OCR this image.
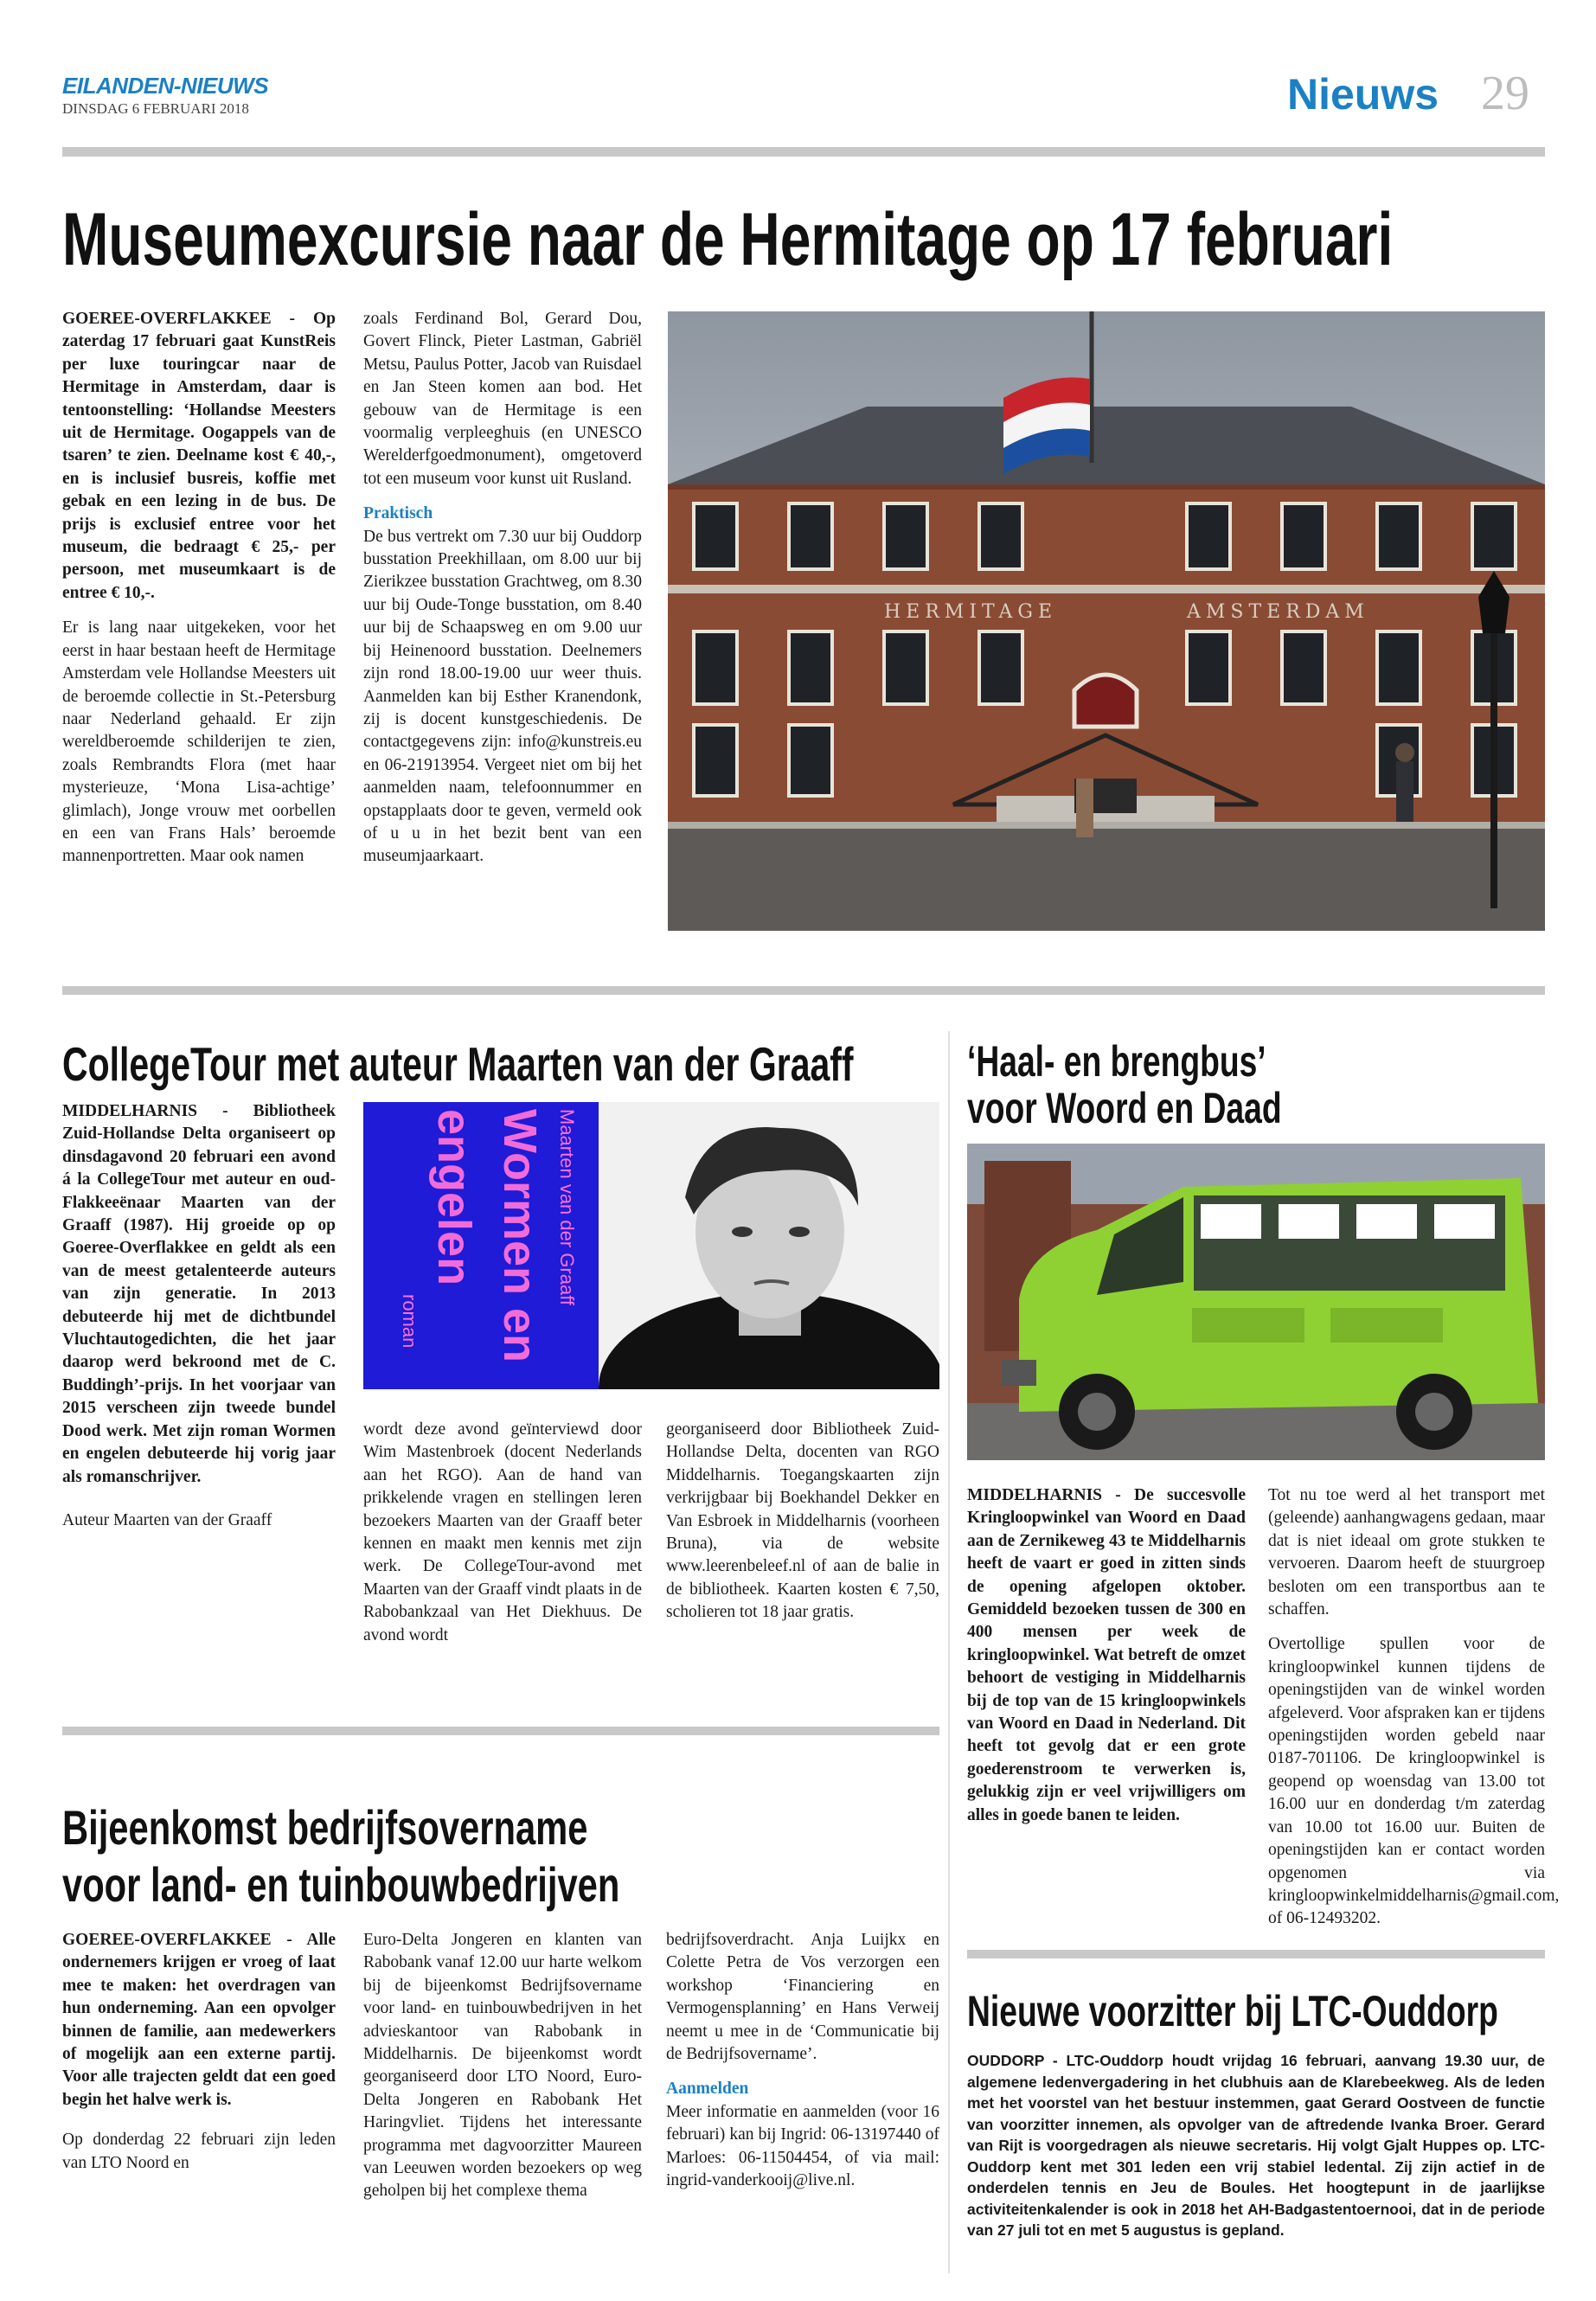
EILANDEN-NIEUWS
DINSDAG 6 FEBRUARI 2018	Nieuws 29
Museumexcursie naar de Hermitage op 17 februari

GOEREE-OVERFLAKKEE - Op zaterdag 17 februari gaat KunstReis per luxe touringcar naar de Hermitage in Amsterdam, daar is tentoonstelling: ‘Hollandse Meesters uit de Hermitage. Oogappels van de tsaren’ te zien. Deelname kost € 40,-, en is inclusief busreis, koffie met gebak en een lezing in de bus. De prijs is exclusief entree voor het museum, die bedraagt € 25,- per persoon, met museumkaart is de entree € 10,-.

Er is lang naar uitgekeken, voor het eerst in haar bestaan heeft de Hermitage Amsterdam vele Hollandse Meesters uit de beroemde collectie in St.-Petersburg naar Nederland gehaald. Er zijn wereldberoemde schilderijen te zien, zoals Rembrandts Flora (met haar mysterieuze, ‘Mona Lisa-achtige’ glimlach), Jonge vrouw met oorbellen en een van Frans Hals’ beroemde mannenportretten. Maar ook namen

zoals Ferdinand Bol, Gerard Dou, Govert Flinck, Pieter Lastman, Gabriël Metsu, Paulus Potter, Jacob van Ruisdael en Jan Steen komen aan bod. Het gebouw van de Hermitage is een voormalig verpleeghuis (en UNESCO Werelderfgoedmonument), omgetoverd tot een museum voor kunst uit Rusland.

Praktisch

De bus vertrekt om 7.30 uur bij Ouddorp busstation Preekhillaan, om 8.00 uur bij Zierikzee busstation Grachtweg, om 8.30 uur bij Oude-Tonge busstation, om 8.40 uur bij de Schaapsweg en om 9.00 uur bij Heinenoord busstation. Deelnemers zijn rond 18.00-19.00 uur weer thuis. Aanmelden kan bij Esther Kranendonk, zij is docent kunstgeschiedenis. De contactgegevens zijn: info@kunstreis.eu en 06-21913954. Vergeet niet om bij het aanmelden naam, telefoonnummer en opstapplaats door te geven, vermeld ook of u u in het bezit bent van een museumjaarkaart.

HERMITAGE	AMSTERDAM
CollegeTour met auteur Maarten van der Graaff

MIDDELHARNIS - Bibliotheek Zuid-Hollandse Delta organiseert op dinsdagavond 20 februari een avond á la CollegeTour met auteur en oud-Flakkeeënaar Maarten van der Graaff (1987). Hij groeide op op Goeree-Overflakkee en geldt als een van de meest getalenteerde auteurs van zijn generatie. In 2013 debuteerde hij met de dichtbundel Vluchtautogedichten, die het jaar daarop werd bekroond met de C. Buddingh’-prijs. In het voorjaar van 2015 verscheen zijn tweede bundel Dood werk. Met zijn roman Wormen en engelen debuteerde hij vorig jaar als romanschrijver.

Auteur Maarten van der Graaff

Maarten van der Graaff
Wormen en
engelen
roman

wordt deze avond geïnterviewd door Wim Mastenbroek (docent Nederlands aan het RGO). Aan de hand van prikkelende vragen en stellingen leren bezoekers Maarten van der Graaff beter kennen en maakt men kennis met zijn werk. De CollegeTour-avond met Maarten van der Graaff vindt plaats in de Rabobankzaal van Het Diekhuus. De avond wordt

georganiseerd door Bibliotheek Zuid-Hollandse Delta, docenten van RGO Middelharnis. Toegangskaarten zijn verkrijgbaar bij Boekhandel Dekker en Van Esbroek in Middelharnis (voorheen Bruna), via de website www.leerenbeleef.nl of aan de balie in de bibliotheek. Kaarten kosten € 7,50, scholieren tot 18 jaar gratis.

‘Haal- en brengbus’
voor Woord en Daad

MIDDELHARNIS - De succesvolle Kringloopwinkel van Woord en Daad aan de Zernikeweg 43 te Middelharnis heeft de vaart er goed in zitten sinds de opening afgelopen oktober. Gemiddeld bezoeken tussen de 300 en 400 mensen per week de kringloopwinkel. Wat betreft de omzet behoort de vestiging in Middelharnis bij de top van de 15 kringloopwinkels van Woord en Daad in Nederland. Dit heeft tot gevolg dat er een grote goederenstroom te verwerken is, gelukkig zijn er veel vrijwilligers om alles in goede banen te leiden.

Tot nu toe werd al het transport met (geleende) aanhangwagens gedaan, maar dat is niet ideaal om grote stukken te vervoeren. Daarom heeft de stuurgroep besloten om een transportbus aan te schaffen.

Overtollige spullen voor de kringloopwinkel kunnen tijdens de openingstijden van de winkel worden afgeleverd. Voor afspraken kan er tijdens openingstijden worden gebeld naar 0187-701106. De kringloopwinkel is geopend op woensdag van 13.00 tot 16.00 uur en donderdag t/m zaterdag van 10.00 tot 16.00 uur. Buiten de openingstijden kan er contact worden opgenomen via kringloopwinkelmiddelharnis@gmail.com, of 06-12493202.

Bijeenkomst bedrijfsovername
voor land- en tuinbouwbedrijven

GOEREE-OVERFLAKKEE - Alle ondernemers krijgen er vroeg of laat mee te maken: het overdragen van hun onderneming. Aan een opvolger binnen de familie, aan medewerkers of mogelijk aan een externe partij. Voor alle trajecten geldt dat een goed begin het halve werk is.

Op donderdag 22 februari zijn leden van LTO Noord en

Euro-Delta Jongeren en klanten van Rabobank vanaf 12.00 uur harte welkom bij de bijeenkomst Bedrijfsovername voor land- en tuinbouwbedrijven in het advieskantoor van Rabobank in Middelharnis. De bijeenkomst wordt georganiseerd door LTO Noord, Euro-Delta Jongeren en Rabobank Het Haringvliet. Tijdens het interessante programma met dagvoorzitter Maureen van Leeuwen worden bezoekers op weg geholpen bij het complexe thema

bedrijfsoverdracht. Anja Luijkx en Colette Petra de Vos verzorgen een workshop ‘Financiering en Vermogensplanning’ en Hans Verweij neemt u mee in de ‘Communicatie bij de Bedrijfsovername’.

Aanmelden

Meer informatie en aanmelden (voor 16 februari) kan bij Ingrid: 06-13197440 of Marloes: 06-11504454, of via mail: ingrid-vanderkooij@live.nl.

Nieuwe voorzitter bij LTC-Ouddorp
OUDDORP - LTC-Ouddorp houdt vrijdag 16 februari, aanvang 19.30 uur, de algemene ledenvergadering in het clubhuis aan de Klarebeekweg. Als de leden met het voorstel van het bestuur instemmen, gaat Gerard Oostveen de functie van voorzitter innemen, als opvolger van de aftredende Ivanka Broer. Gerard van Rijt is voorgedragen als nieuwe secretaris. Hij volgt Gjalt Huppes op. LTC-Ouddorp kent met 301 leden een vrij stabiel ledental. Zij zijn actief in de onderdelen tennis en Jeu de Boules. Het hoogtepunt in de jaarlijkse activiteitenkalender is ook in 2018 het AH-Badgastentoernooi, dat in de periode van 27 juli tot en met 5 augustus is gepland.
